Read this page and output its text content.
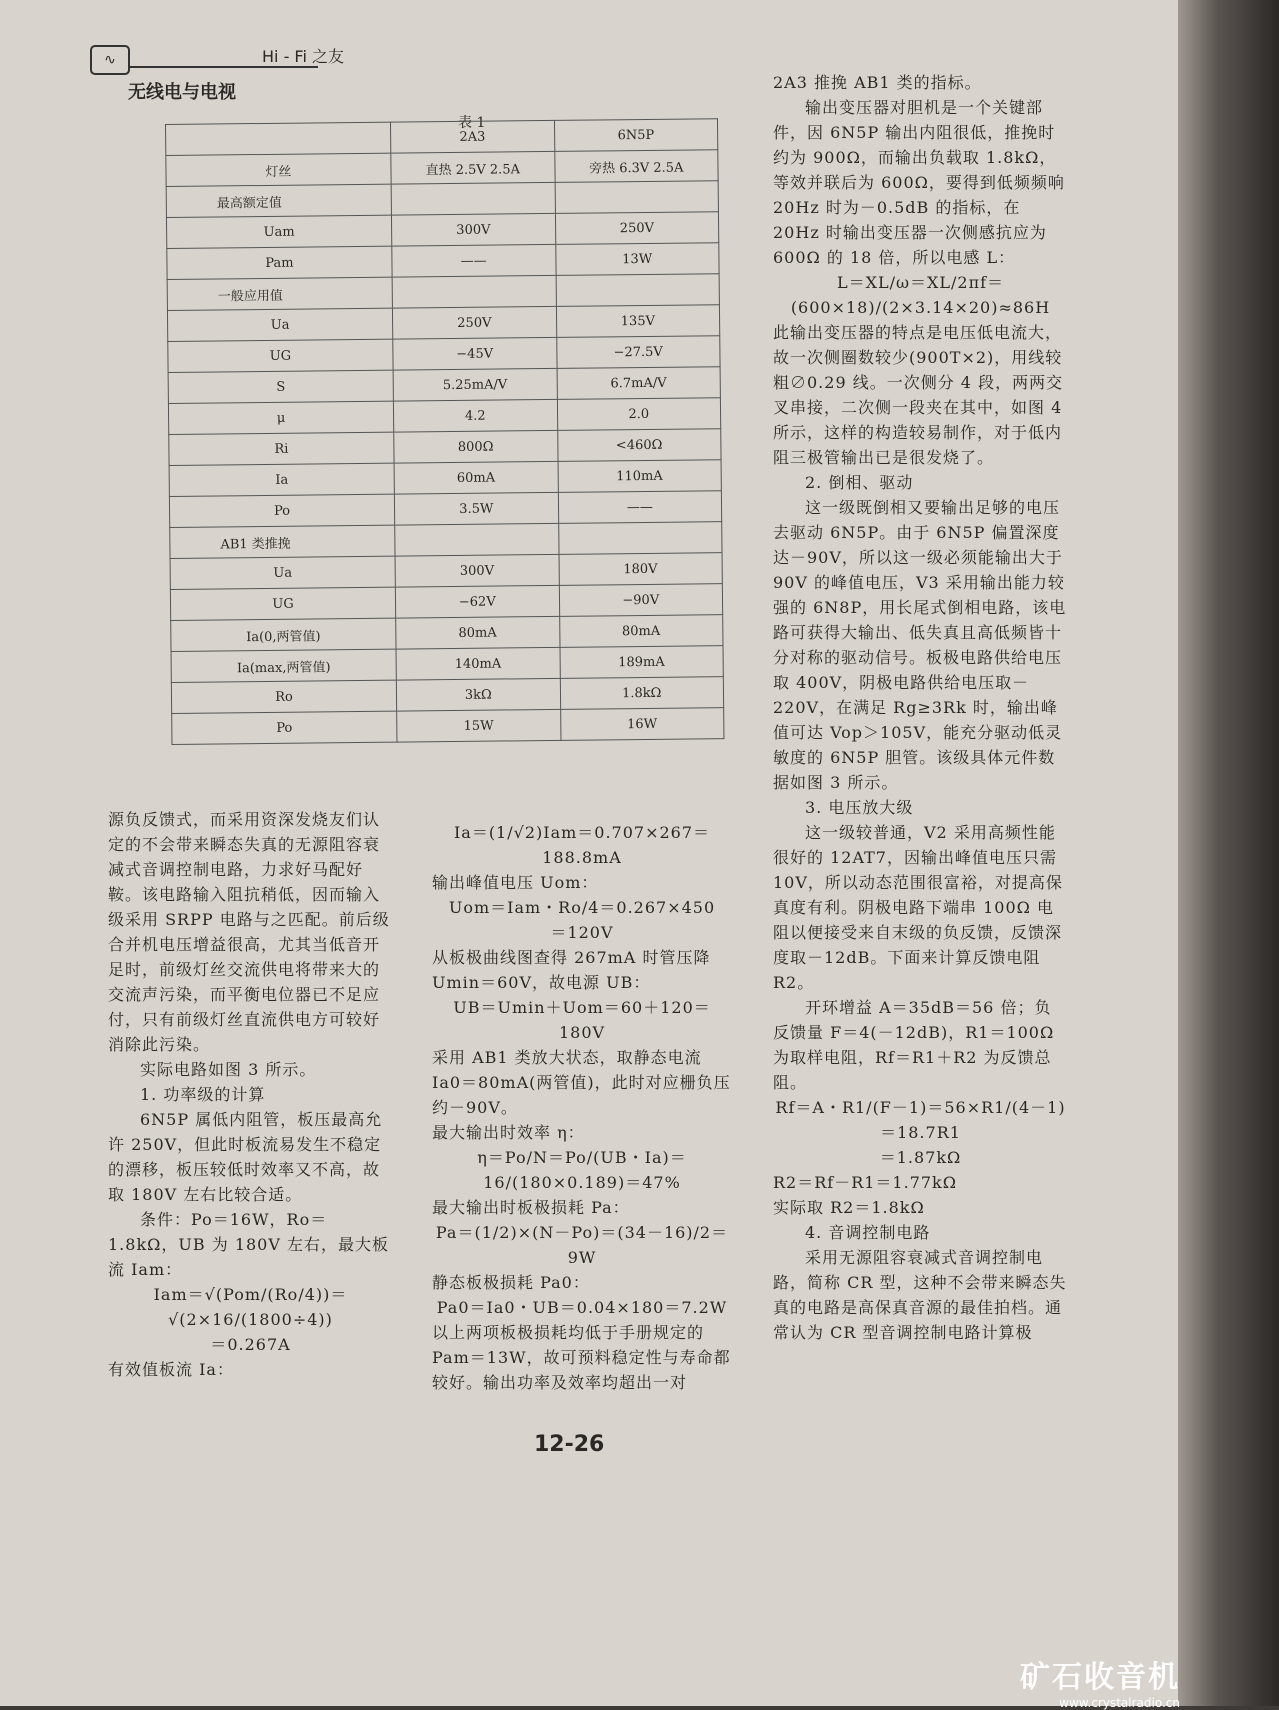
∿	Hi - Fi 之友
无线电与电视
表 1
	2A3	6N5P
灯丝	直热 2.5V 2.5A	旁热 6.3V 2.5A
最高额定值		
Uam	300V	250V
Pam	——	13W
一般应用值		
Ua	250V	135V
UG	−45V	−27.5V
S	5.25mA/V	6.7mA/V
μ	4.2	2.0
Ri	800Ω	<460Ω
Ia	60mA	110mA
Po	3.5W	——
AB1 类推挽		
Ua	300V	180V
UG	−62V	−90V
Ia(0,两管值)	80mA	80mA
Ia(max,两管值)	140mA	189mA
Ro	3kΩ	1.8kΩ
Po	15W	16W

源负反馈式，而采用资深发烧友们认定的不会带来瞬态失真的无源阻容衰减式音调控制电路，力求好马配好鞍。该电路输入阻抗稍低，因而输入级采用 SRPP 电路与之匹配。前后级合并机电压增益很高，尤其当低音开足时，前级灯丝交流供电将带来大的交流声污染，而平衡电位器已不足应付，只有前级灯丝直流供电方可较好消除此污染。

实际电路如图 3 所示。

1. 功率级的计算

6N5P 属低内阻管，板压最高允许 250V，但此时板流易发生不稳定的漂移，板压较低时效率又不高，故取 180V 左右比较合适。

条件：Po＝16W，Ro＝1.8kΩ，UB 为 180V 左右，最大板流 Iam：

Iam＝√(Pom/(Ro/4))＝√(2×16/(1800÷4))

＝0.267A

有效值板流 Ia：

Ia＝(1/√2)Iam＝0.707×267＝188.8mA

输出峰值电压 Uom：

Uom＝Iam・Ro/4＝0.267×450

＝120V

从板极曲线图查得 267mA 时管压降 Umin＝60V，故电源 UB：

UB＝Umin＋Uom＝60＋120＝180V

采用 AB1 类放大状态，取静态电流 Ia0＝80mA(两管值)，此时对应栅负压约－90V。

最大输出时效率 η：

η＝Po/N＝Po/(UB・Ia)＝16/(180×0.189)＝47%

最大输出时板极损耗 Pa：

Pa＝(1/2)×(N－Po)＝(34－16)/2＝9W

静态板极损耗 Pa0：

Pa0＝Ia0・UB＝0.04×180＝7.2W

以上两项板极损耗均低于手册规定的 Pam＝13W，故可预料稳定性与寿命都较好。输出功率及效率均超出一对

2A3 推挽 AB1 类的指标。

输出变压器对胆机是一个关键部件，因 6N5P 输出内阻很低，推挽时约为 900Ω，而输出负载取 1.8kΩ，等效并联后为 600Ω，要得到低频频响 20Hz 时为－0.5dB 的指标，在 20Hz 时输出变压器一次侧感抗应为 600Ω 的 18 倍，所以电感 L：

L＝XL/ω＝XL/2πf＝(600×18)/(2×3.14×20)≈86H

此输出变压器的特点是电压低电流大，故一次侧圈数较少(900T×2)，用线较粗∅0.29 线。一次侧分 4 段，两两交叉串接，二次侧一段夹在其中，如图 4 所示，这样的构造较易制作，对于低内阻三极管输出已是很发烧了。

2. 倒相、驱动

这一级既倒相又要输出足够的电压去驱动 6N5P。由于 6N5P 偏置深度达－90V，所以这一级必须能输出大于 90V 的峰值电压，V3 采用输出能力较强的 6N8P，用长尾式倒相电路，该电路可获得大输出、低失真且高低频皆十分对称的驱动信号。板极电路供给电压取 400V，阴极电路供给电压取－220V，在满足 Rg≥3Rk 时，输出峰值可达 Vop＞105V，能充分驱动低灵敏度的 6N5P 胆管。该级具体元件数据如图 3 所示。

3. 电压放大级

这一级较普通，V2 采用高频性能很好的 12AT7，因输出峰值电压只需 10V，所以动态范围很富裕，对提高保真度有利。阴极电路下端串 100Ω 电阻以便接受来自末级的负反馈，反馈深度取－12dB。下面来计算反馈电阻 R2。

开环增益 A＝35dB＝56 倍；负反馈量 F＝4(－12dB)，R1＝100Ω 为取样电阻，Rf＝R1＋R2 为反馈总阻。

Rf＝A・R1/(F－1)＝56×R1/(4－1)＝18.7R1

＝1.87kΩ

R2＝Rf－R1＝1.77kΩ

实际取 R2＝1.8kΩ

4. 音调控制电路

采用无源阻容衰减式音调控制电路，简称 CR 型，这种不会带来瞬态失真的电路是高保真音源的最佳拍档。通常认为 CR 型音调控制电路计算极

12-26
矿石收音机
www.crystalradio.cn
